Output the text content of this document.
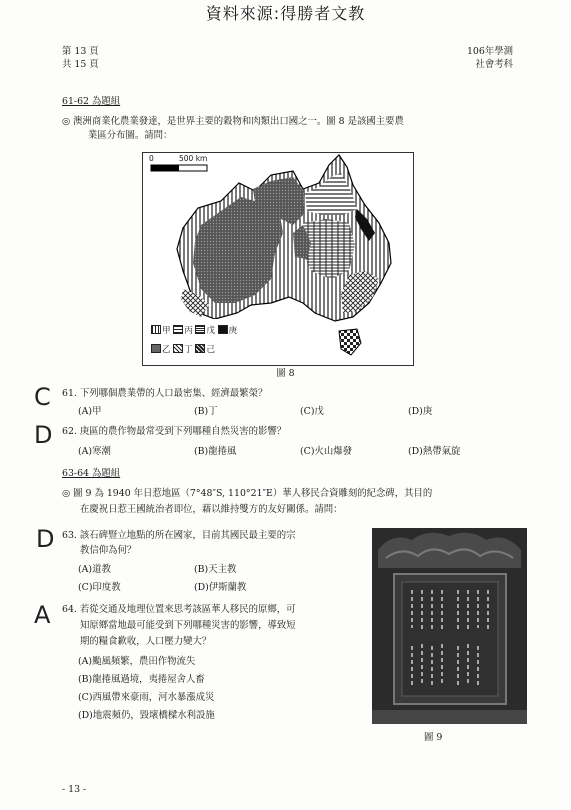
資料來源:得勝者文教
第 13 頁
共 15 頁
106年學測
社會考科
61-62 為題組
◎ 澳洲商業化農業發達，是世界主要的穀物和肉類出口國之一。圖 8 是該國主要農
業區分布圖。請問：
0	500 km
甲 丙 戊 庚
乙 丁 己
圖 8
C 61. 下列哪個農業帶的人口最密集、經濟最繁榮？
(A)甲	(B)丁	(C)戊	(D)庚
D 62. 庚區的農作物最常受到下列哪種自然災害的影響？
(A)寒潮	(B)龍捲風	(C)火山爆發	(D)熱帶氣旋
63-64 為題組
◎ 圖 9 為 1940 年日惹地區（7°48″S, 110°21″E）華人移民合資雕刻的紀念碑，其目的
在慶祝日惹王國統治者即位，藉以維持雙方的友好關係。請問：
D 63. 該石碑豎立地點的所在國家，目前其國民最主要的宗
教信仰為何？
(A)道教	(B)天主教
(C)印度教	(D)伊斯蘭教
A 64. 若從交通及地理位置來思考該區華人移民的原鄉，可
知原鄉當地最可能受到下列哪種災害的影響，導致短
期的糧食歉收，人口壓力變大？
(A)颱風頻繁，農田作物流失
(B)龍捲風過境，夷捲屋舍人畜
(C)西風帶來豪雨，河水暴漲成災
(D)地震頻仍，毀壞橋樑水利設施
圖 9
- 13 -
